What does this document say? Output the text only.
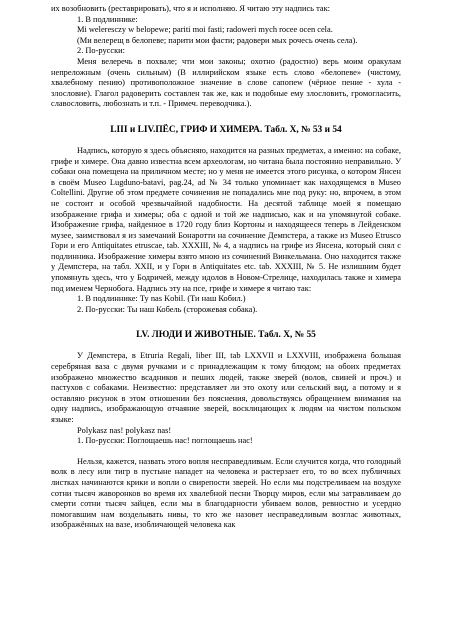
их возобновить (реставрировать), что я и исполняю. Я читаю эту надпись так:

1. В подлиннике:

Mi weleresczy w belopewe; pariti moi fasti; radoweri mych rocee ocen cela.

(Ми велерещ в белопеве; парити мои фасти; радовери мых рочесь очень села).

2. По-русски:

Меня велеречь в похвале; чти мои законы; охотно (радостно) верь моим оракулам непреложным (очень сильным) (В иллирийском языке есть слово «белопеве» (чистому, хвалебному пению) противоположное значение в слове сапопеw (чёрное пение - хула - злословие). Глагол радоверить составлен так же, как и подобные ему злословить, громогласить, славословить, любознать и т.п. - Примеч. переводчика.).

LIII и LIV.ПЁС, ГРИФ И ХИМЕРА. Табл. X, № 53 и 54

Надпись, которую я здесь объясняю, находится на разных предметах, а именно: на собаке, грифе и химере. Она давно известна всем археологам, но читана была постоянно неправильно. У собаки она помещена на приличном месте; но у меня не имеется этого рисунка, о котором Янсен в своём Museo Lugduno-batavi, pag.24, ad № 34 только упоминает как находящемся в Museo Coltellini. Другие об этом предмете сочинения не попадались мне под руку: но, впрочем, в этом не состоит и особой чрезвычайной надобности. На десятой таблице моей я помещаю изображение грифа и химеры; оба с одной и той же надписью, как и на упомянутой собаке. Изображение грифа, найденное в 1720 году близ Кортоны и находящееся теперь в Лейденском музее, заимствовал я из замечаний Бонаротти на сочинение Демпстера, а также из Museo Etrusco Гори и его Antiquitates etruscae, tab. XXXIII, № 4, а надпись на грифе из Янсена, который снял с подлинника. Изображение химеры взято мною из сочинений Винкельмана. Оно находится также у Демпстера, на табл. XXII, и у Гори в Antiquitates etc. tab. XXXIII, № 5. Не излишним будет упомянуть здесь, что у Бодричей, между идолов в Новом-Стрелице, находилась также и химера под именем Чернобога. Надпись эту на псе, грифе и химере я читаю так:

1. В подлиннике: Ту nas Kobil. (Ти наш Кобил.)

2. По-русски: Ты наш Кобель (сторожевая собака).

LV. ЛЮДИ И ЖИВОТНЫЕ. Табл. X, № 55

У Демпстера, в Etruria Regali, liber III, tab LXXVII и LXXVIII, изображена большая серебряная ваза с двумя ручками и с принадлежащим к тому блюдом; на обоих предметах изображено множество всадников и пеших людей, также зверей (волов, свиней и проч.) и пастухов с собаками. Неизвестно: представляет ли это охоту или сельский вид, а потому и я оставляю рисунок в этом отношении без пояснения, довольствуясь обращением внимания на одну надпись, изображающую отчаяние зверей, восклицающих к людям на чистом польском языке:

Polykasz nas! polykasz nas!

1. По-русски: Поглощаешь нас! поглощаешь нас!

Нельзя, кажется, назвать этого вопля несправедливым. Если случится когда, что голодный волк в лесу или тигр в пустыне нападет на человека и растерзает его, то во всех публичных листках начинаются крики и вопли о свирепости зверей. Но если мы подстреливаем на воздухе сотни тысяч жаворонков во время их хвалебной песни Творцу миров, если мы затравливаем до смерти сотни тысяч зайцев, если мы в благодарности убиваем волов, ревностно и усердно помогавшим нам возделывать нивы, то кто же назовет несправедливым возглас животных, изображённых на вазе, изобличающей человека как
